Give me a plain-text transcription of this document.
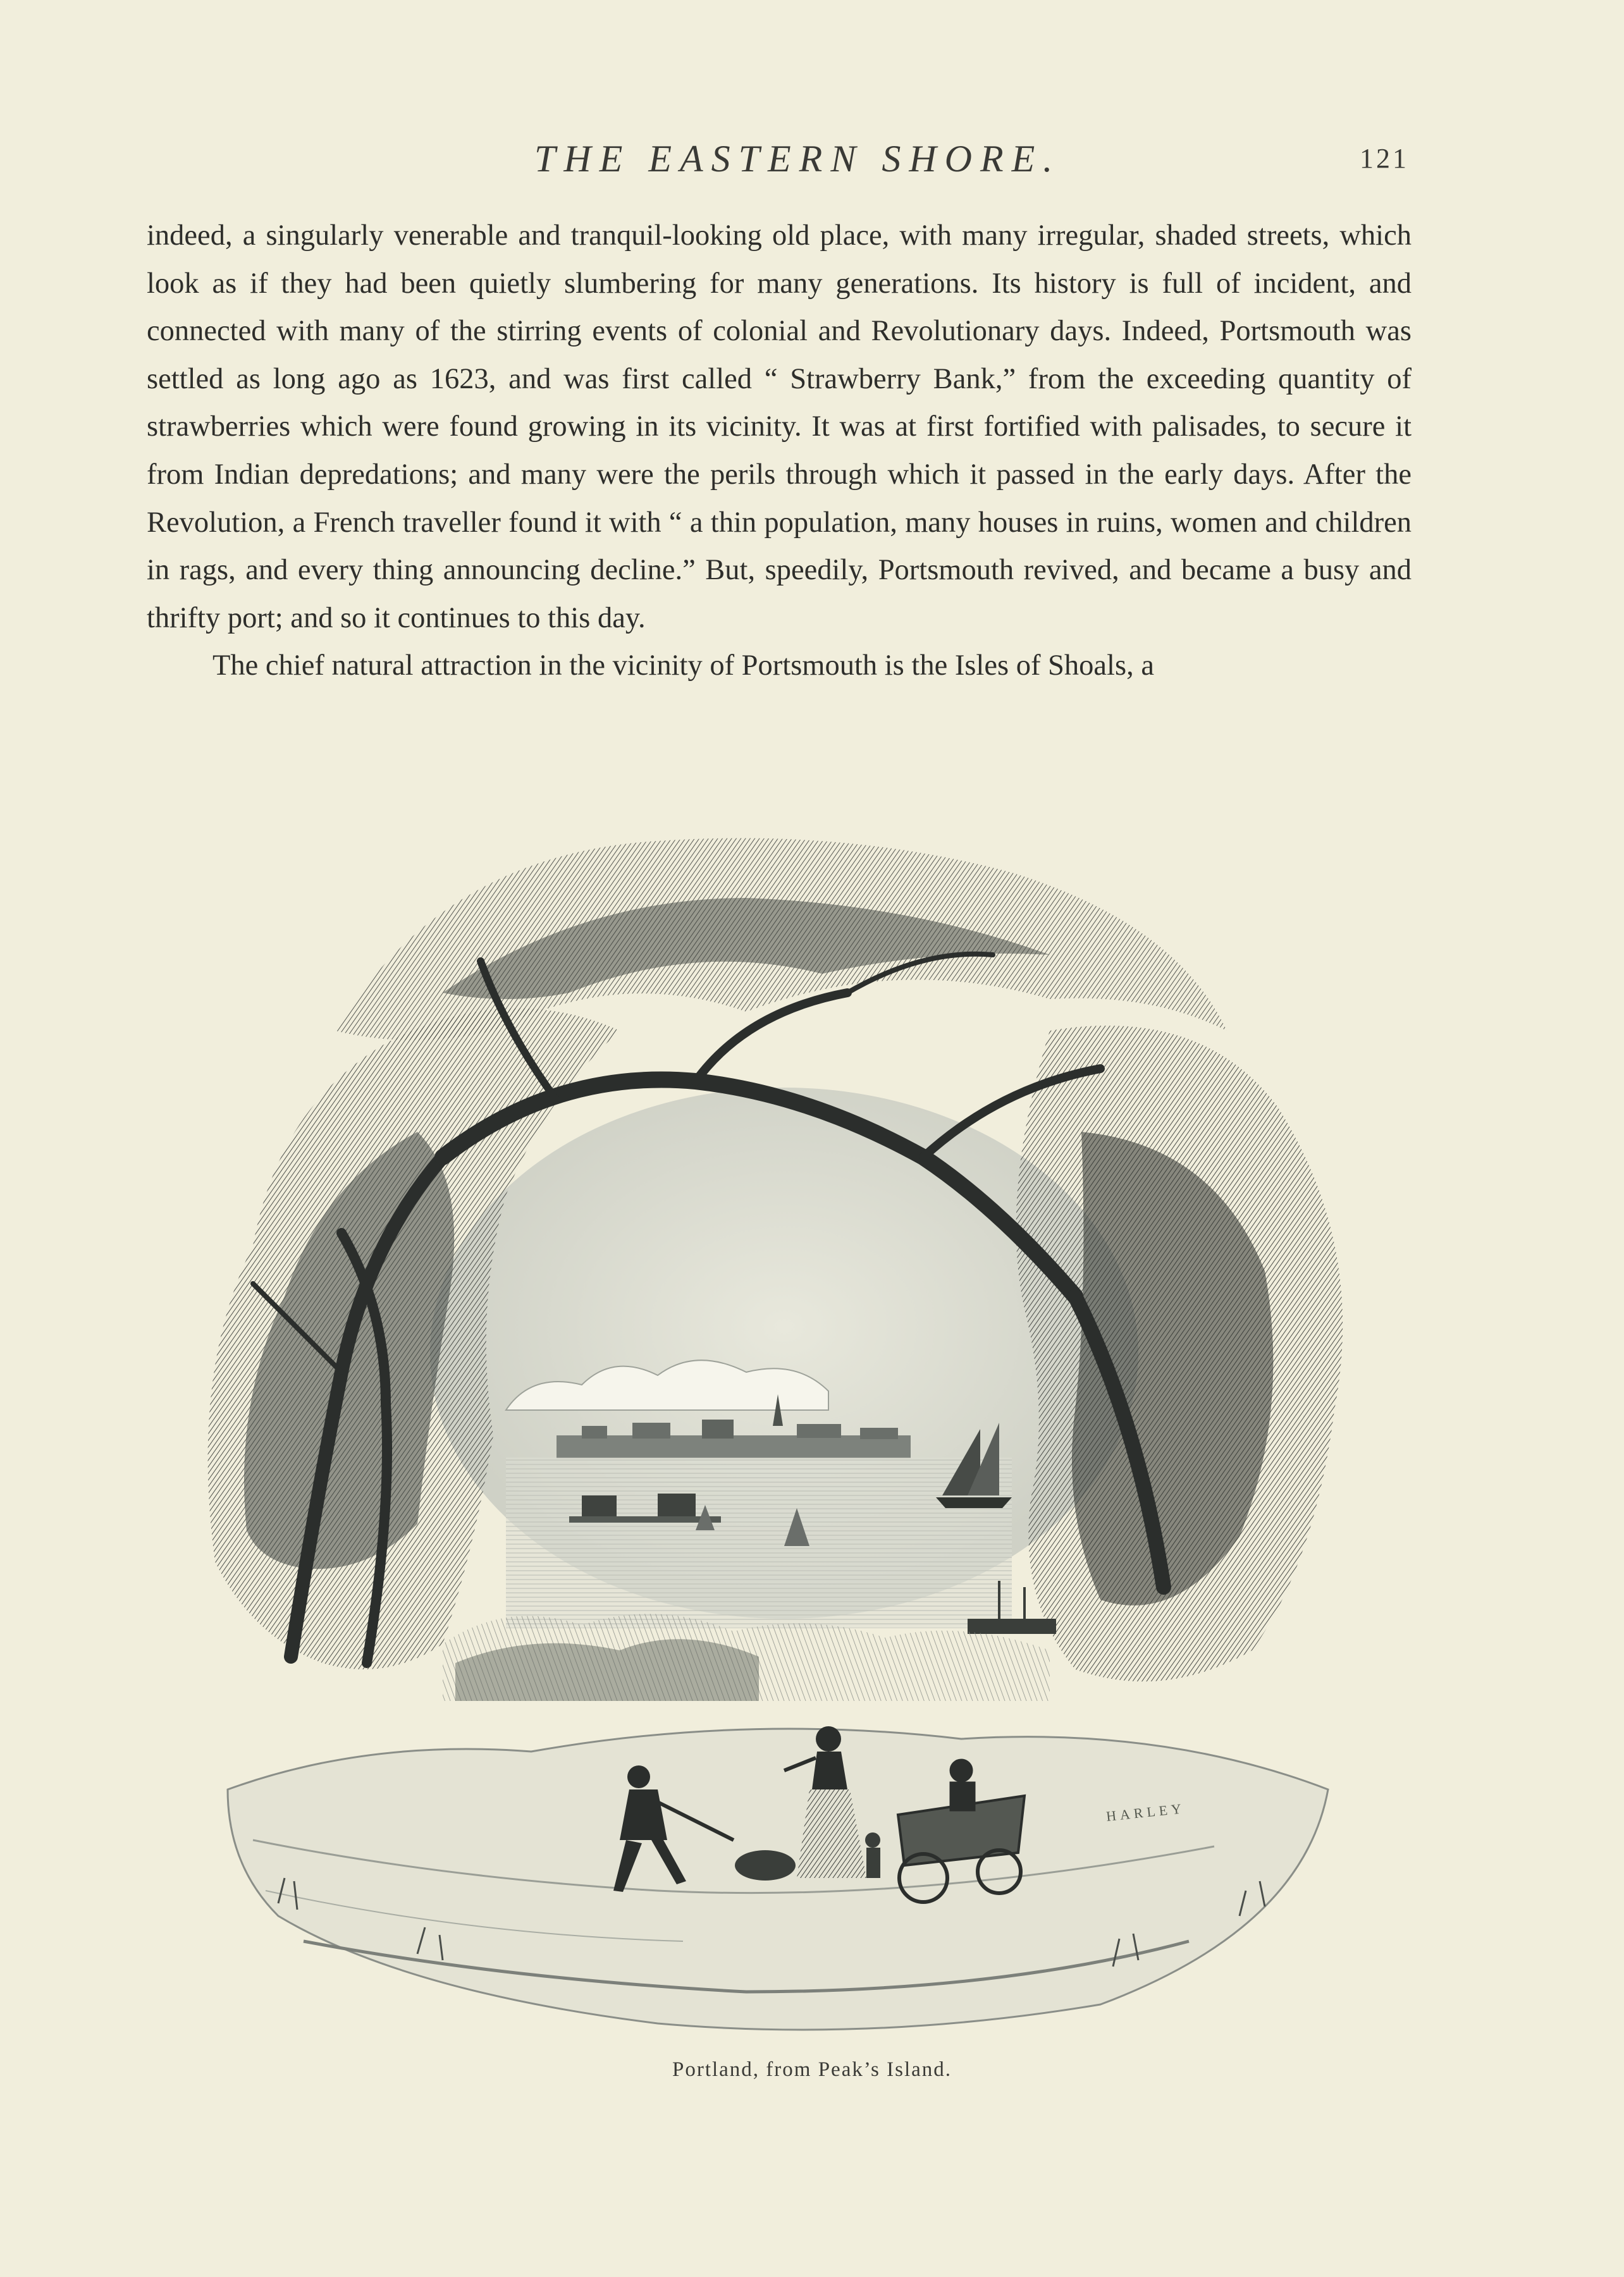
THE EASTERN SHORE.	121

indeed, a singularly venerable and tranquil-looking old place, with many irregular, shaded streets, which look as if they had been quietly slumbering for many generations. Its history is full of incident, and connected with many of the stirring events of colonial and Revolutionary days. Indeed, Portsmouth was settled as long ago as 1623, and was first called “ Strawberry Bank,” from the exceeding quantity of strawberries which were found growing in its vicinity. It was at first fortified with palisades, to secure it from Indian depredations; and many were the perils through which it passed in the early days. After the Revolution, a French traveller found it with “ a thin population, many houses in ruins, women and children in rags, and every thing announcing decline.” But, speedily, Portsmouth revived, and became a busy and thrifty port; and so it continues to this day.

The chief natural attraction in the vicinity of Portsmouth is the Isles of Shoals, a

HARLEY
Portland, from Peak’s Island.
